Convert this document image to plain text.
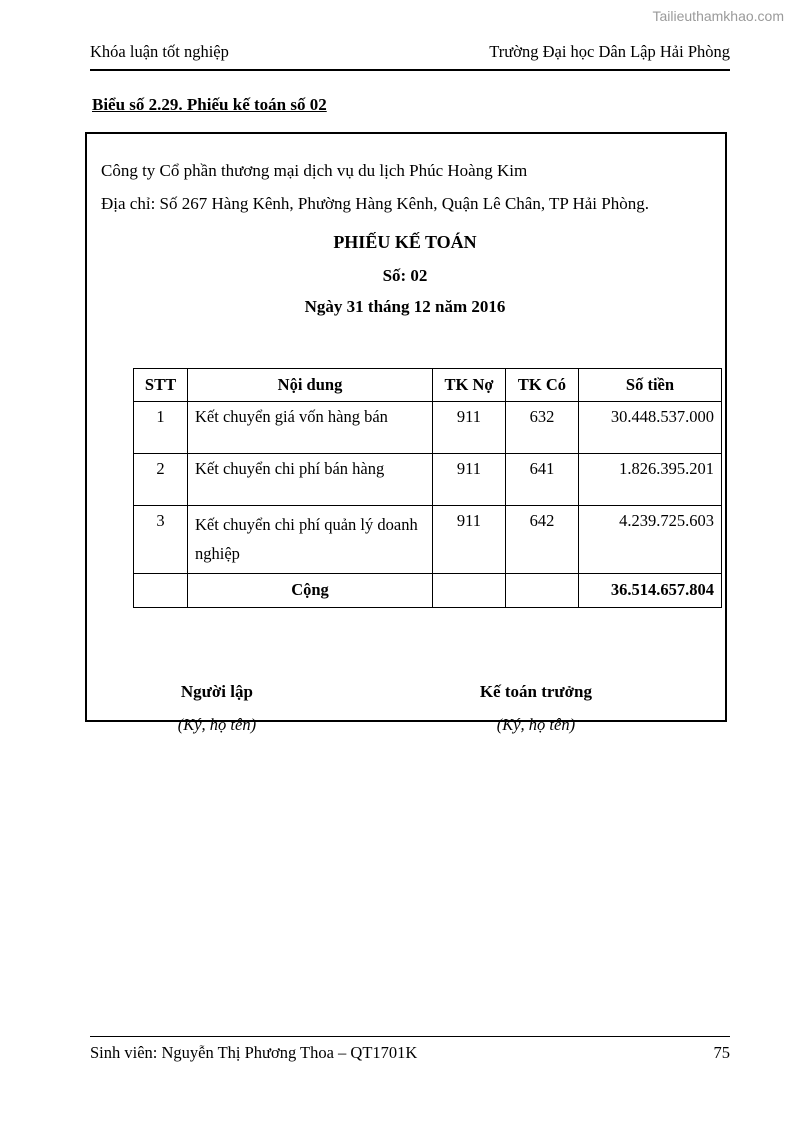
Tailieuthamkhao.com
Khóa luận tốt nghiệp	Trường Đại học Dân Lập Hải Phòng
Biểu số 2.29. Phiếu kế toán số 02
Công ty Cổ phần thương mại dịch vụ du lịch Phúc Hoàng Kim
Địa chỉ: Số 267 Hàng Kênh, Phường Hàng Kênh, Quận Lê Chân, TP Hải Phòng.
PHIẾU KẾ TOÁN
Số: 02
Ngày 31 tháng 12 năm 2016
STT	Nội dung	TK Nợ	TK Có	Số tiền
1	Kết chuyển giá vốn hàng bán	911	632	30.448.537.000
2	Kết chuyển chi phí bán hàng	911	641	1.826.395.201
3	Kết chuyển chi phí quản lý doanh nghiệp	911	642	4.239.725.603
	Cộng			36.514.657.804
Người lập
(Ký, họ tên)
Kế toán trưởng
(Ký, họ tên)
Sinh viên: Nguyễn Thị Phương Thoa – QT1701K	75
